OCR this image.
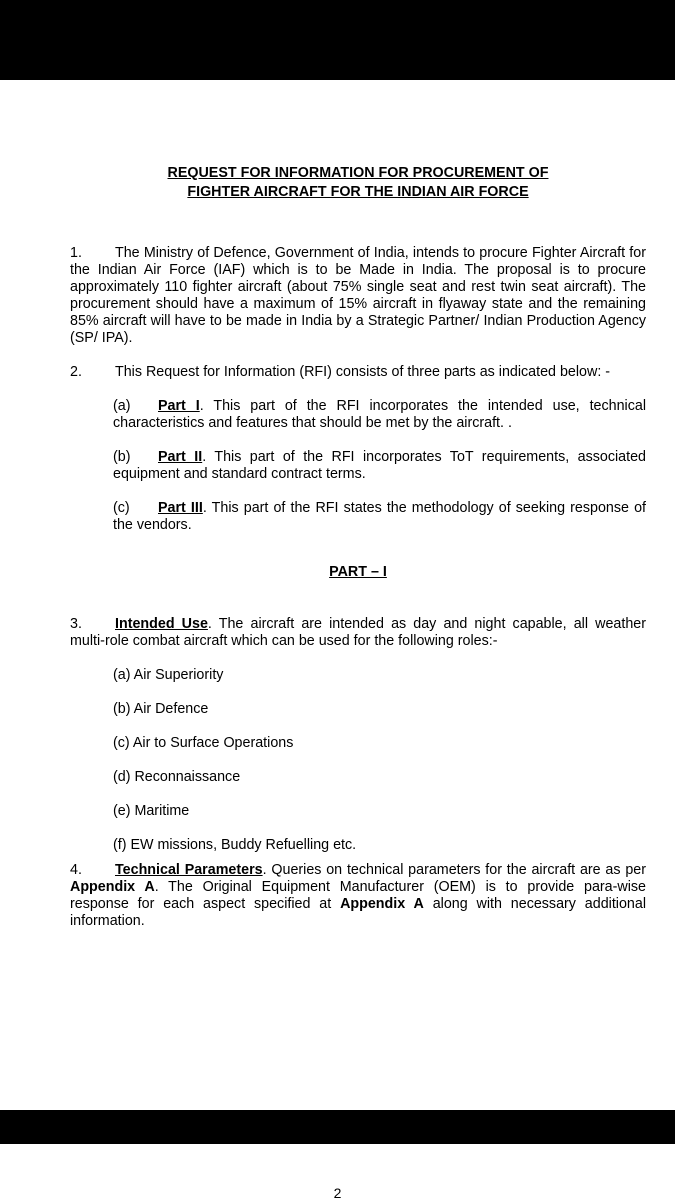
REQUEST FOR INFORMATION FOR PROCUREMENT OF
FIGHTER AIRCRAFT FOR THE INDIAN AIR FORCE

1. The Ministry of Defence, Government of India, intends to procure Fighter Aircraft for the Indian Air Force (IAF) which is to be Made in India. The proposal is to procure approximately 110 fighter aircraft (about 75% single seat and rest twin seat aircraft). The procurement should have a maximum of 15% aircraft in flyaway state and the remaining 85% aircraft will have to be made in India by a Strategic Partner/ Indian Production Agency (SP/ IPA).

2. This Request for Information (RFI) consists of three parts as indicated below: -

(a) Part I. This part of the RFI incorporates the intended use, technical characteristics and features that should be met by the aircraft. .
(b) Part II. This part of the RFI incorporates ToT requirements, associated equipment and standard contract terms.
(c) Part III. This part of the RFI states the methodology of seeking response of the vendors.
PART – I

3. Intended Use. The aircraft are intended as day and night capable, all weather multi-role combat aircraft which can be used for the following roles:-

(a) Air Superiority
(b) Air Defence
(c) Air to Surface Operations
(d) Reconnaissance
(e) Maritime
(f) EW missions, Buddy Refuelling etc.

4. Technical Parameters. Queries on technical parameters for the aircraft are as per Appendix A. The Original Equipment Manufacturer (OEM) is to provide para-wise response for each aspect specified at Appendix A along with necessary additional information.

2
